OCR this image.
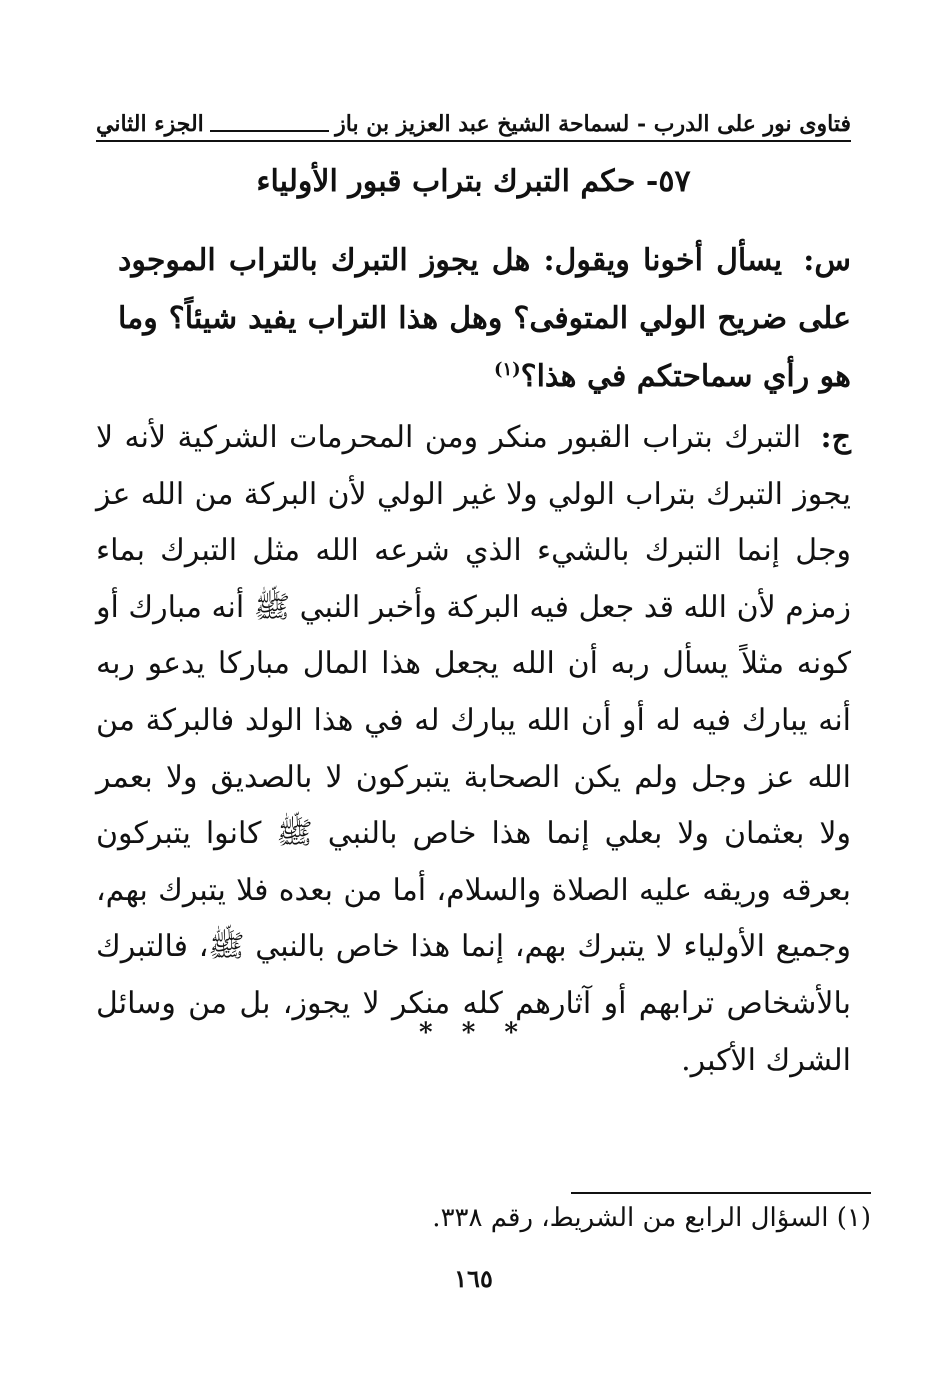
فتاوى نور على الدرب - لسماحة الشيخ عبد العزيز بن باز
الجزء الثاني
٥٧- حكم التبرك بتراب قبور الأولياء
س: يسأل أخونا ويقول: هل يجوز التبرك بالتراب الموجود على ضريح الولي المتوفى؟ وهل هذا التراب يفيد شيئاً؟ وما هو رأي سماحتكم في هذا؟$^{(١)}$
ج: التبرك بتراب القبور منكر ومن المحرمات الشركية لأنه لا يجوز التبرك بتراب الولي ولا غير الولي لأن البركة من الله عز وجل إنما التبرك بالشيء الذي شرعه الله مثل التبرك بماء زمزم لأن الله قد جعل فيه البركة وأخبر النبي ﷺ أنه مبارك أو كونه مثلاً يسأل ربه أن الله يجعل هذا المال مباركا يدعو ربه أنه يبارك فيه له أو أن الله يبارك له في هذا الولد فالبركة من الله عز وجل ولم يكن الصحابة يتبركون لا بالصديق ولا بعمر ولا بعثمان ولا بعلي إنما هذا خاص بالنبي ﷺ كانوا يتبركون بعرقه وريقه عليه الصلاة والسلام، أما من بعده فلا يتبرك بهم، وجميع الأولياء لا يتبرك بهم، إنما هذا خاص بالنبي ﷺ، فالتبرك بالأشخاص ترابهم أو آثارهم كله منكر لا يجوز، بل من وسائل الشرك الأكبر.
* * *
(١) السؤال الرابع من الشريط، رقم ٣٣٨.
١٦٥
